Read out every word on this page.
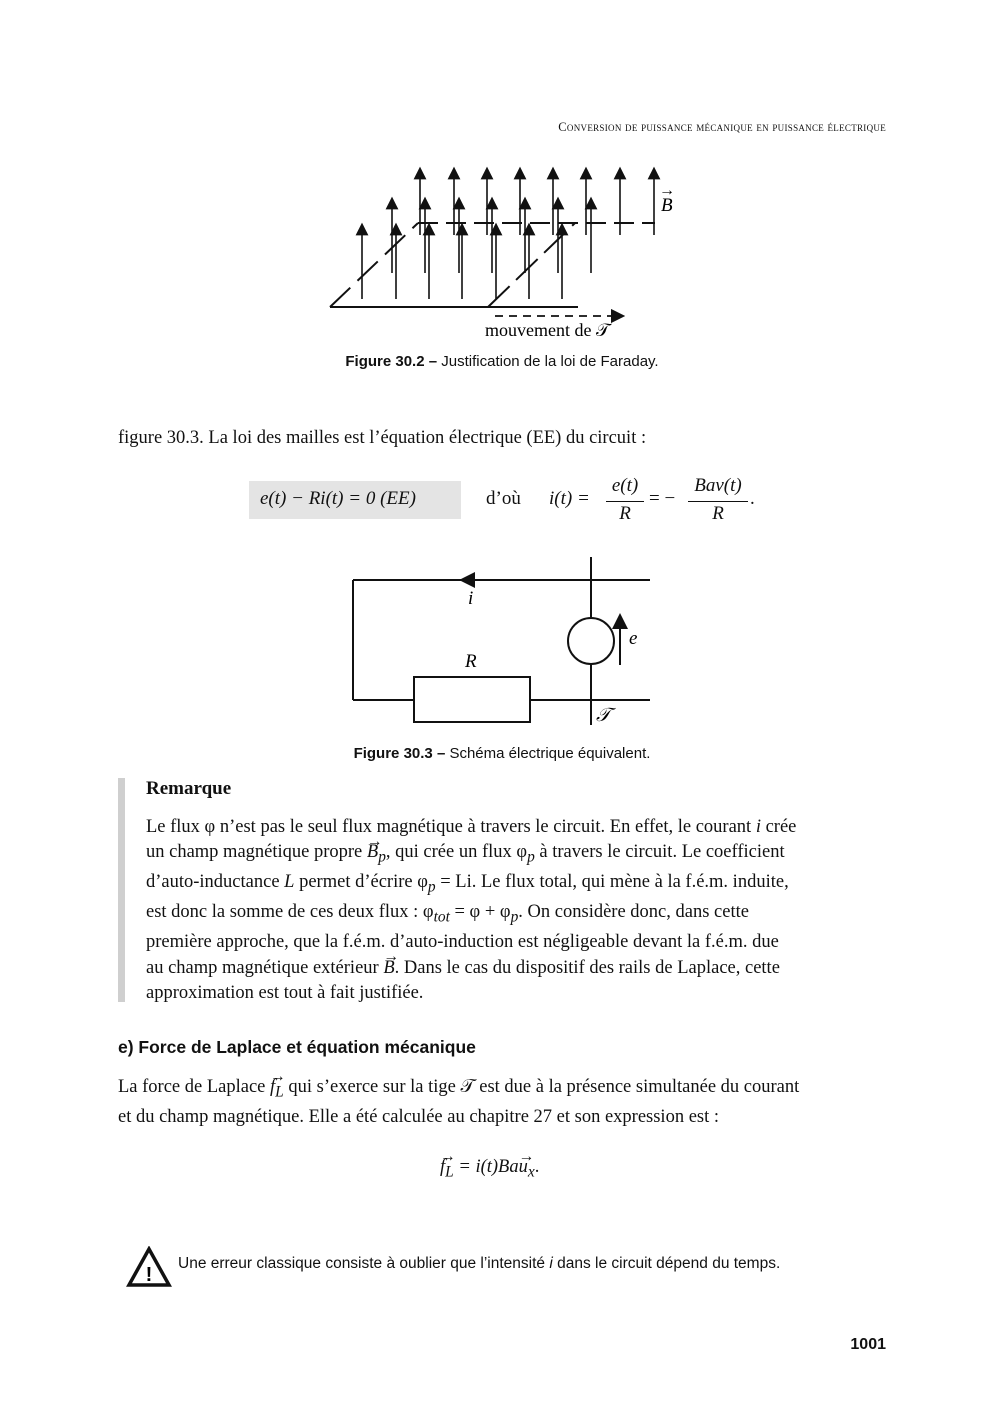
Conversion de puissance mécanique en puissance électrique
B
→
mouvement de 𝒯
Figure 30.2 – Justification de la loi de Faraday.
figure 30.3. La loi des mailles est l’équation électrique (EE) du circuit :
e(t) − Ri(t) = 0 (EE)	d’où i(t) =
e(t)
R
= −
Bav(t)
R
.
i
e
R
𝒯
Figure 30.3 – Schéma électrique équivalent.
Remarque
Le flux φ n’est pas le seul flux magnétique à travers le circuit. En effet, le courant i crée
un champ magnétique propre → $B_p$, qui crée un flux $\varphi_p$ à travers le circuit. Le coefficient
d’auto-inductance L permet d’écrire $\varphi_p = Li$. Le flux total, qui mène à la f.é.m. induite,
est donc la somme de ces deux flux : $\varphi_{tot} = \varphi + \varphi_p$. On considère donc, dans cette
première approche, que la f.é.m. d’auto-induction est négligeable devant la f.é.m. due
au champ magnétique extérieur → B. Dans le cas du dispositif des rails de Laplace, cette
approximation est tout à fait justifiée.
e) Force de Laplace et équation mécanique
La force de Laplace → $f_L$ qui s’exerce sur la tige 𝒯 est due à la présence simultanée du courant
et du champ magnétique. Elle a été calculée au chapitre 27 et son expression est :
→ $f_L = i(t)Ba\to u_x$.
!
Une erreur classique consiste à oublier que l’intensité i dans le circuit dépend du temps.
1001
